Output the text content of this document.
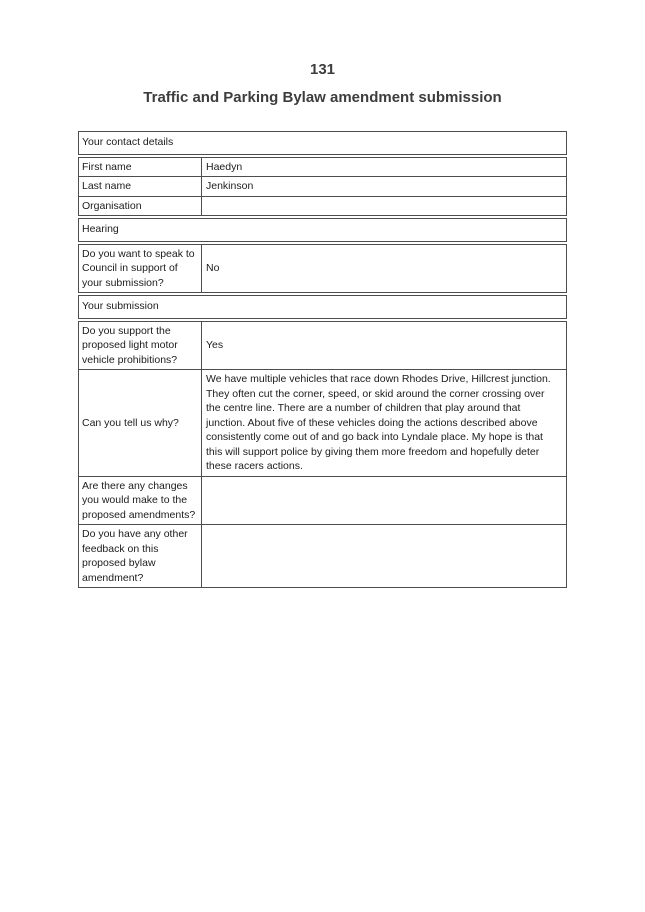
131
Traffic and Parking Bylaw amendment submission
Your contact details
First name	Haedyn
Last name	Jenkinson
Organisation
Hearing
Do you want to speak to Council in support of your submission?
No
Your submission
Do you support the proposed light motor vehicle prohibitions?
Yes
Can you tell us why?
We have multiple vehicles that race down Rhodes Drive, Hillcrest junction. They often cut the corner, speed, or skid around the corner crossing over the centre line. There are a number of children that play around that junction. About five of these vehicles doing the actions described above consistently come out of and go back into Lyndale place. My hope is that this will support police by giving them more freedom and hopefully deter these racers actions.
Are there any changes you would make to the proposed amendments?
Do you have any other feedback on this proposed bylaw amendment?
